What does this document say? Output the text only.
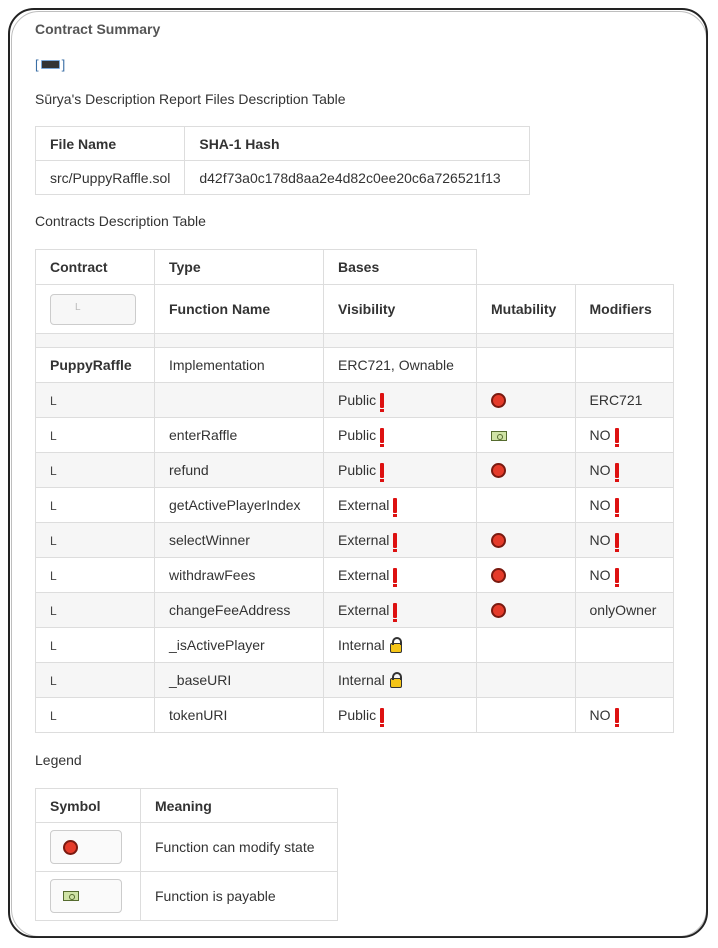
Contract Summary
[ ]
Sūrya's Description Report Files Description Table
File Name	SHA-1 Hash
src/PuppyRaffle.sol	d42f73a0c178d8aa2e4d82c0ee20c6a726521f13
Contracts Description Table
Contract	Type	Bases		

L	Function Name	Visibility	Mutability	Modifiers

PuppyRaffle	Implementation	ERC721, Ownable		
L		Public		ERC721
L	enterRaffle	Public		NO
L	refund	Public		NO
L	getActivePlayerIndex	External		NO
L	selectWinner	External		NO
L	withdrawFees	External		NO
L	changeFeeAddress	External		onlyOwner
L	_isActivePlayer	Internal		
L	_baseURI	Internal		
L	tokenURI	Public		NO
Legend
Symbol	Meaning

	Function can modify state

	Function is payable
